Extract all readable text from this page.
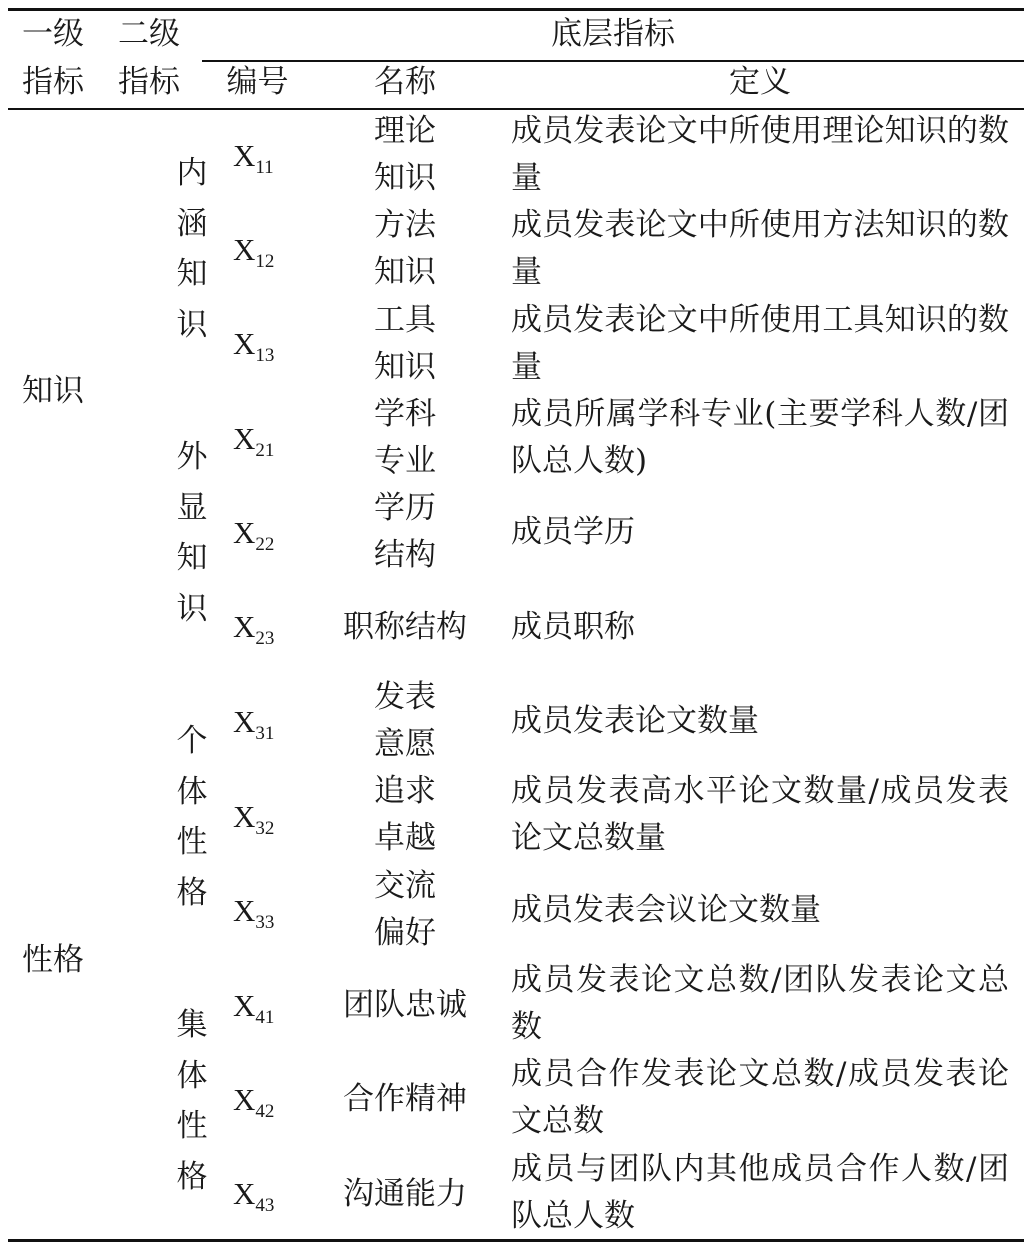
一级
指标
二级
指标
底层指标
编号	名称	定义
知识
性格
内
涵
知
识
外
显
知
识
个
体
性
格
集
体
性
格
$X_{11}$
理论
知识
成员发表论文中所使用理论知识的数量
$X_{12}$
方法
知识
成员发表论文中所使用方法知识的数量
$X_{13}$
工具
知识
成员发表论文中所使用工具知识的数量
$X_{21}$
学科
专业
成员所属学科专业(主要学科人数/团队总人数)
$X_{22}$
学历
结构
成员学历
$X_{23}$ 职称结构 成员职称
$X_{31}$
发表
意愿
成员发表论文数量
$X_{32}$
追求
卓越
成员发表高水平论文数量/成员发表论文总数量
$X_{33}$
交流
偏好
成员发表会议论文数量
$X_{41}$ 团队忠诚
成员发表论文总数/团队发表论文总数
$X_{42}$ 合作精神
成员合作发表论文总数/成员发表论文总数
$X_{43}$ 沟通能力
成员与团队内其他成员合作人数/团队总人数
